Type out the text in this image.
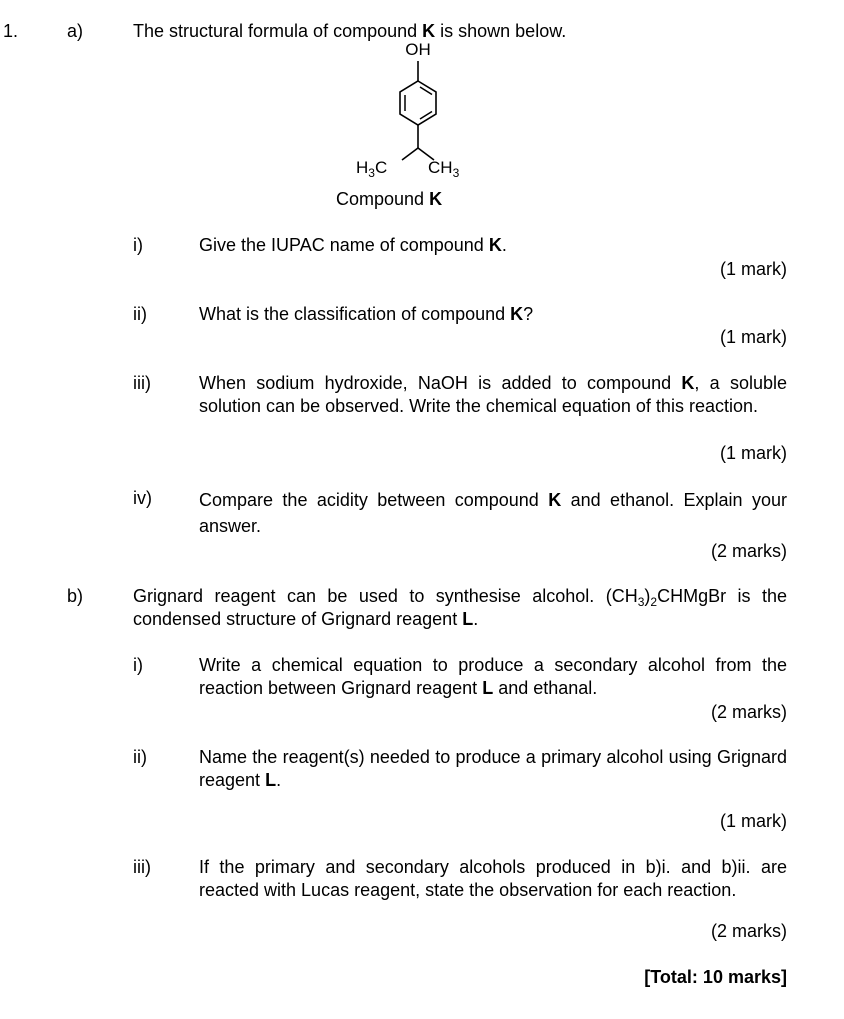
1.	a)	The structural formula of compound K is shown below.
OH
$H_3C$ $CH_3$
Compound K
i)	Give the IUPAC name of compound K.
(1 mark)
ii)	What is the classification of compound K?
(1 mark)
iii)	When sodium hydroxide, NaOH is added to compound K, a soluble solution can be observed. Write the chemical equation of this reaction.
(1 mark)
iv)	Compare the acidity between compound K and ethanol. Explain your answer.
(2 marks)
b)	Grignard reagent can be used to synthesise alcohol. $(CH_3)_2CHMgBr$ is the condensed structure of Grignard reagent L.
i)	Write a chemical equation to produce a secondary alcohol from the reaction between Grignard reagent L and ethanal.
(2 marks)
ii)	Name the reagent(s) needed to produce a primary alcohol using Grignard reagent L.
(1 mark)
iii)	If the primary and secondary alcohols produced in b)i. and b)ii. are reacted with Lucas reagent, state the observation for each reaction.
(2 marks)
[Total: 10 marks]
